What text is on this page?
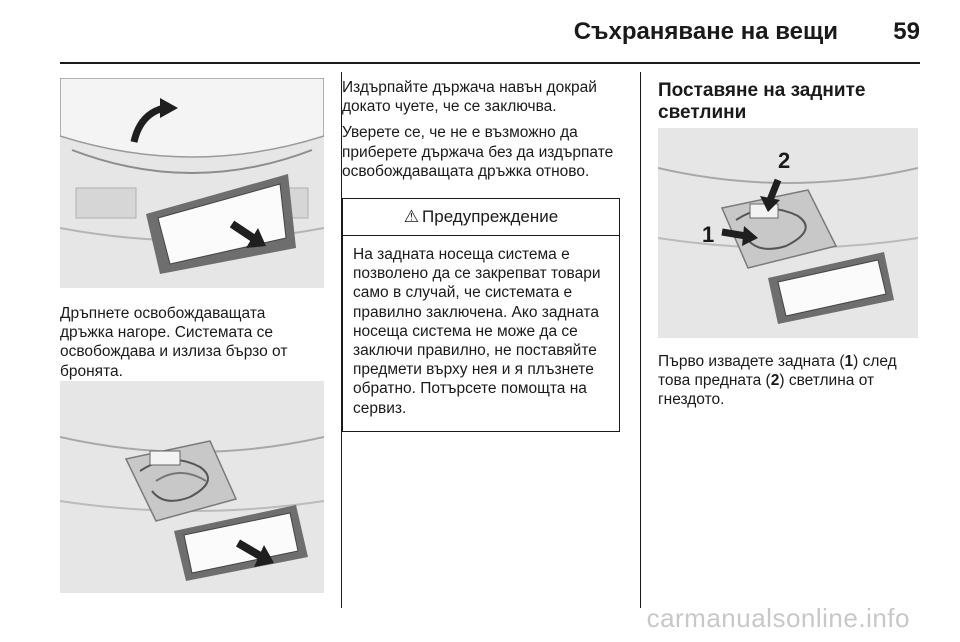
Съхраняване на вещи 59
Дръпнете освобождаващата дръжка нагоре. Системата се освобождава и излиза бързо от бронята.

Издърпайте държача навън докрай докато чуете, че се заключва.

Уверете се, че не е възможно да приберете държача без да издърпате освобождаващата дръжка отново.

⚠ Предупреждение
На задната носеща система е позволено да се закрепват товари само в случай, че системата е правилно заключена. Ако задната носеща система не може да се заключи правилно, не поставяйте предмети върху нея и я плъзнете обратно. Потърсете помощта на сервиз.
Поставяне на задните светлини
1
2
Първо извадете задната (1) след това предната (2) светлина от гнездото.
carmanualsonline.info
